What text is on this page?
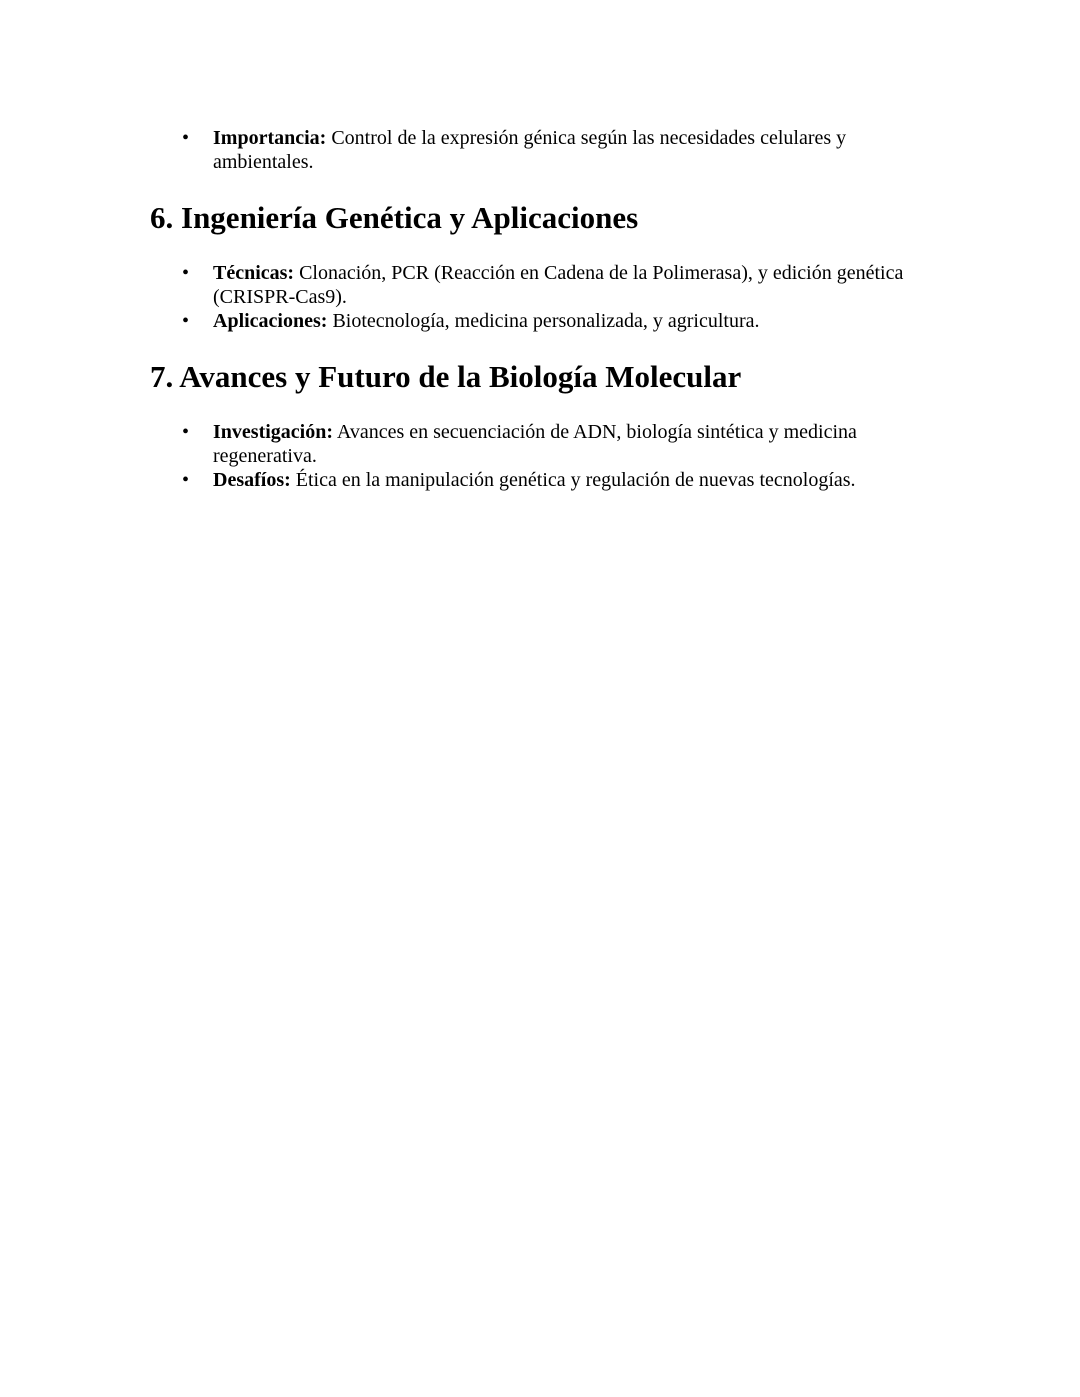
• Importancia: Control de la expresión génica según las necesidades celulares y ambientales.
6. Ingeniería Genética y Aplicaciones
• Técnicas: Clonación, PCR (Reacción en Cadena de la Polimerasa), y edición genética (CRISPR-Cas9).
• Aplicaciones: Biotecnología, medicina personalizada, y agricultura.
7. Avances y Futuro de la Biología Molecular
• Investigación: Avances en secuenciación de ADN, biología sintética y medicina regenerativa.
• Desafíos: Ética en la manipulación genética y regulación de nuevas tecnologías.
